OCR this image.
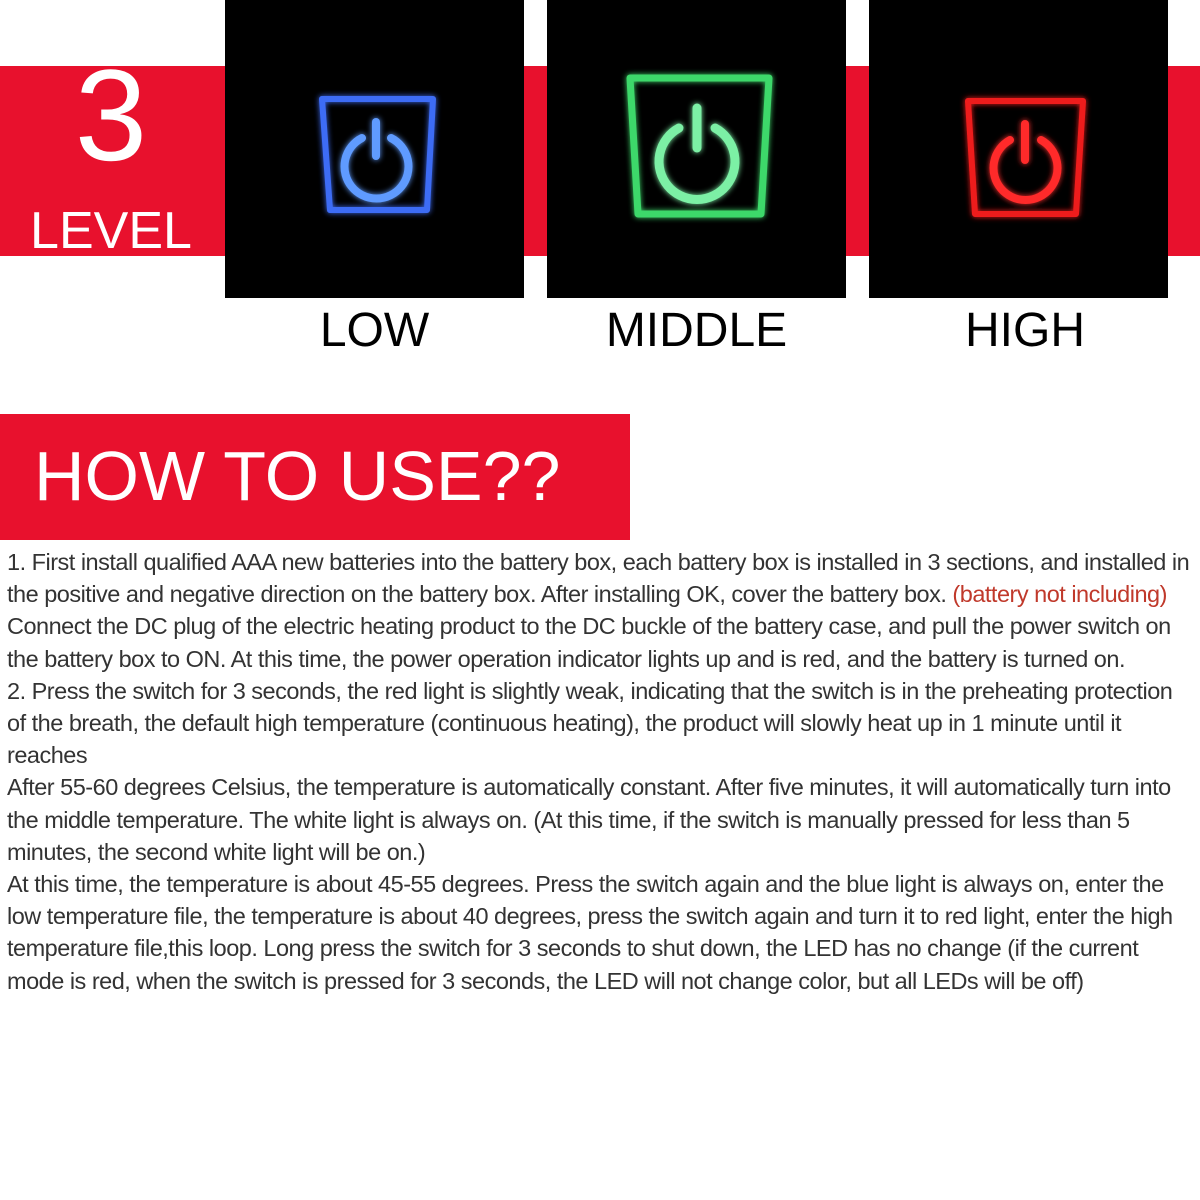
3
LEVEL
LOW	MIDDLE	HIGH
HOW TO USE??

1. First install qualified AAA new batteries into the battery box, each battery box is installed in 3 sections, and installed in the positive and negative direction on the battery box. After installing OK, cover the battery box. (battery not including)

Connect the DC plug of the electric heating product to the DC buckle of the battery case, and pull the power switch on the battery box to ON. At this time, the power operation indicator lights up and is red, and the battery is turned on.

2. Press the switch for 3 seconds, the red light is slightly weak, indicating that the switch is in the preheating protection of the breath, the default high temperature (continuous heating), the product will slowly heat up in 1 minute until it reaches

After 55-60 degrees Celsius, the temperature is automatically constant. After five minutes, it will automatically turn into the middle temperature. The white light is always on. (At this time, if the switch is manually pressed for less than 5 minutes, the second white light will be on.)

At this time, the temperature is about 45-55 degrees. Press the switch again and the blue light is always on, enter the low temperature file, the temperature is about 40 degrees, press the switch again and turn it to red light, enter the high temperature file,this loop. Long press the switch for 3 seconds to shut down, the LED has no change (if the current mode is red, when the switch is pressed for 3 seconds, the LED will not change color, but all LEDs will be off)
